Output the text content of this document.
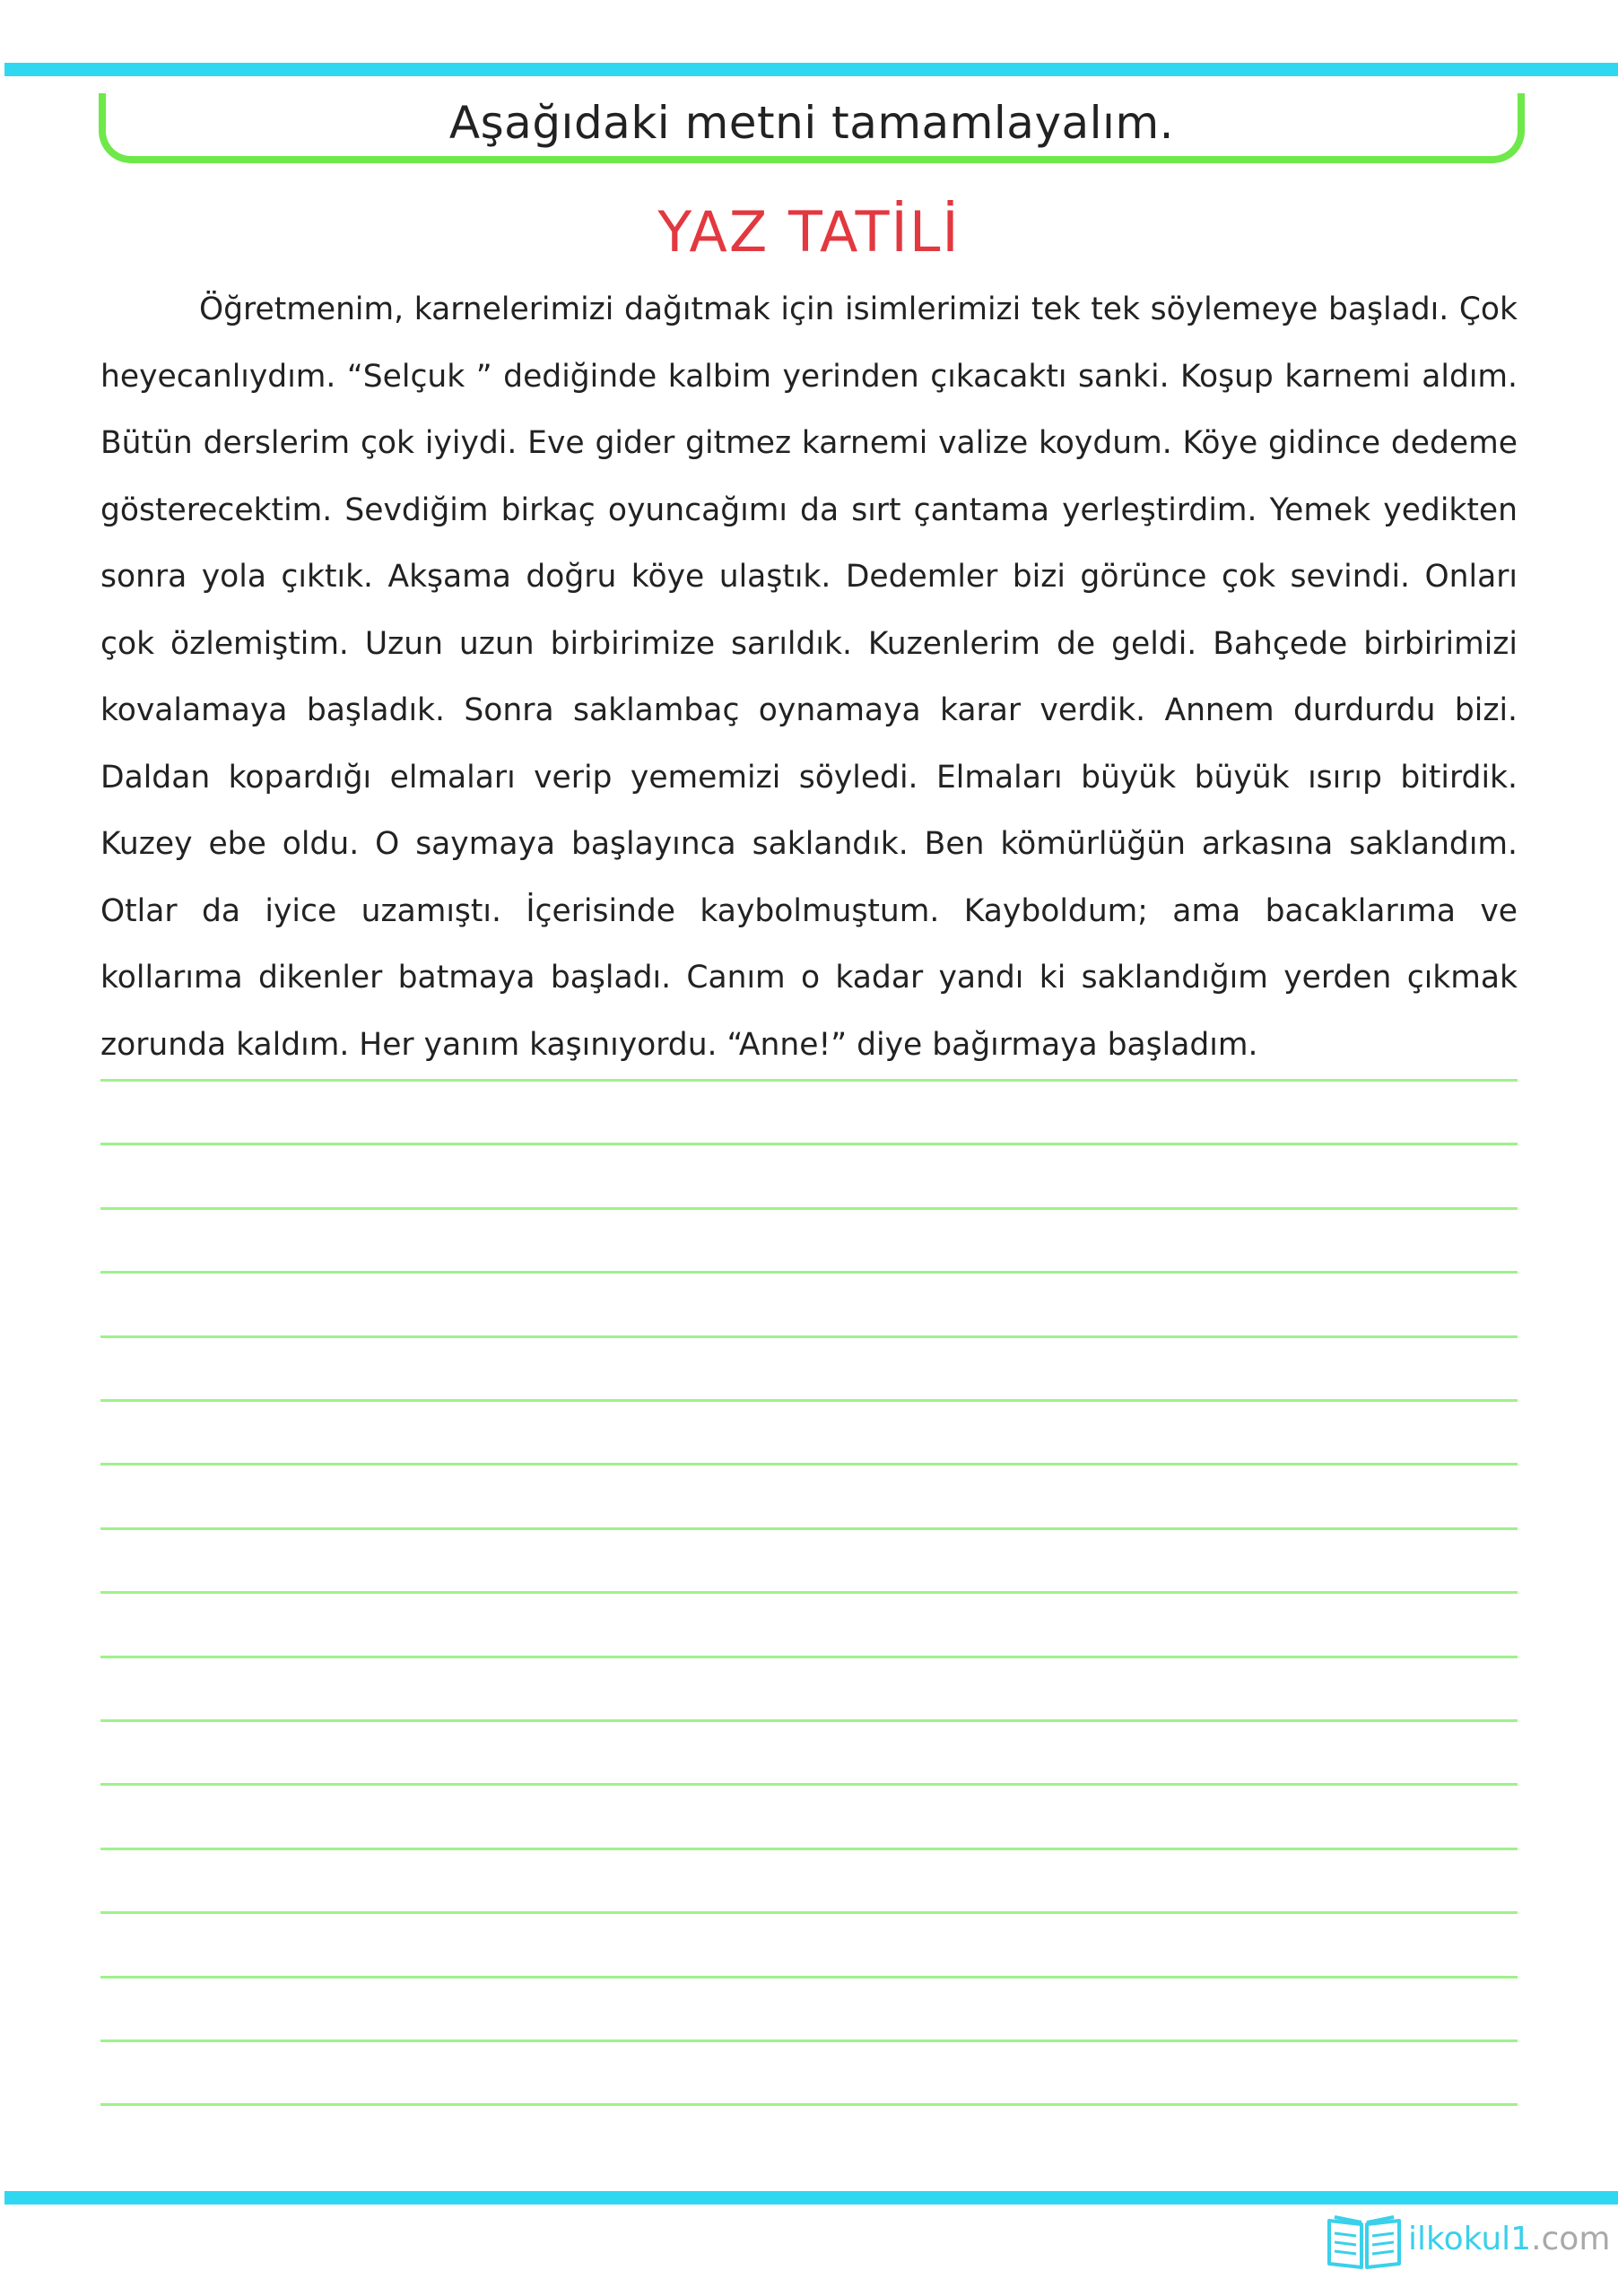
Aşağıdaki metni tamamlayalım.
YAZ TATİLİ

Öğretmenim, karnelerimizi dağıtmak için isimlerimizi tek tek söylemeye başladı. Çok heyecanlıydım. “Selçuk ” dediğinde kalbim yerinden çıkacaktı sanki. Koşup karnemi aldım. Bütün derslerim çok iyiydi. Eve gider gitmez karnemi valize koydum. Köye gidince dedeme gösterecektim. Sevdiğim birkaç oyuncağımı da sırt çantama yerleştirdim. Yemek yedikten sonra yola çıktık. Akşama doğru köye ulaştık. Dedemler bizi görünce çok sevindi. Onları çok özlemiştim. Uzun uzun birbirimize sarıldık. Kuzenlerim de geldi. Bahçede birbirimizi kovalamaya başladık. Sonra saklambaç oynamaya karar verdik. Annem durdurdu bizi. Daldan kopardığı elmaları verip yememizi söyledi. Elmaları büyük büyük ısırıp bitirdik. Kuzey ebe oldu. O saymaya başlayınca saklandık. Ben kömürlüğün arkasına saklandım. Otlar da iyice uzamıştı. İçerisinde kaybolmuştum. Kayboldum; ama bacaklarıma ve kollarıma dikenler batmaya başladı. Canım o kadar yandı ki saklandığım yerden çıkmak zorunda kaldım. Her yanım kaşınıyordu. “Anne!” diye bağırmaya başladım.

ilkokul1.com
